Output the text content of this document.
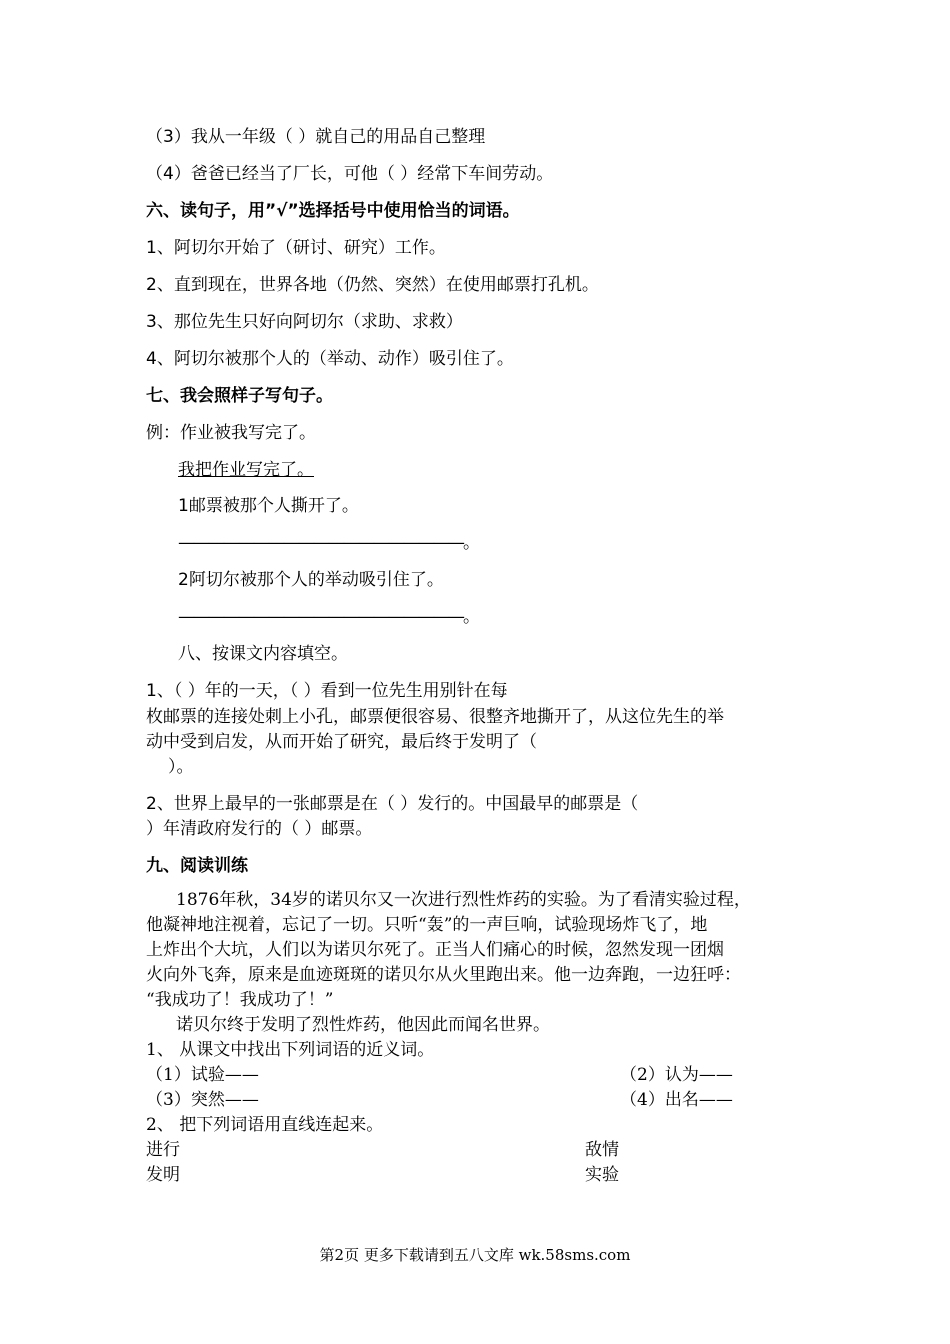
（3）我从一年级（ ）就自己的用品自己整理
（4）爸爸已经当了厂长，可他（ ）经常下车间劳动。
六、读句子，用”√”选择括号中使用恰当的词语。
1、阿切尔开始了（研讨、研究）工作。
2、直到现在，世界各地（仍然、突然）在使用邮票打孔机。
3、那位先生只好向阿切尔（求助、求救）
4、阿切尔被那个人的（举动、动作）吸引住了。
七、我会照样子写句子。
例：作业被我写完了。
我把作业写完了。
1邮票被那个人撕开了。
———————————————————。
2阿切尔被那个人的举动吸引住了。
———————————————————。
八、按课文内容填空。
1、（ ）年的一天，（ ）看到一位先生用别针在每
枚邮票的连接处刺上小孔，邮票便很容易、很整齐地撕开了，从这位先生的举
动中受到启发，从而开始了研究，最后终于发明了（
）。
2、世界上最早的一张邮票是在（ ）发行的。中国最早的邮票是（
）年清政府发行的（ ）邮票。
九、阅读训练
1876年秋，34岁的诺贝尔又一次进行烈性炸药的实验。为了看清实验过程，
他凝神地注视着，忘记了一切。只听“轰”的一声巨响，试验现场炸飞了，地
上炸出个大坑，人们以为诺贝尔死了。正当人们痛心的时候，忽然发现一团烟
火向外飞奔，原来是血迹斑斑的诺贝尔从火里跑出来。他一边奔跑，一边狂呼：
“我成功了！我成功了！”
诺贝尔终于发明了烈性炸药，他因此而闻名世界。
1、 从课文中找出下列词语的近义词。
（1）试验——	（2）认为——
（3）突然——	（4）出名——
2、 把下列词语用直线连起来。
进行	敌情
发明	实验
第2页 更多下载请到五八文库 wk.58sms.com
